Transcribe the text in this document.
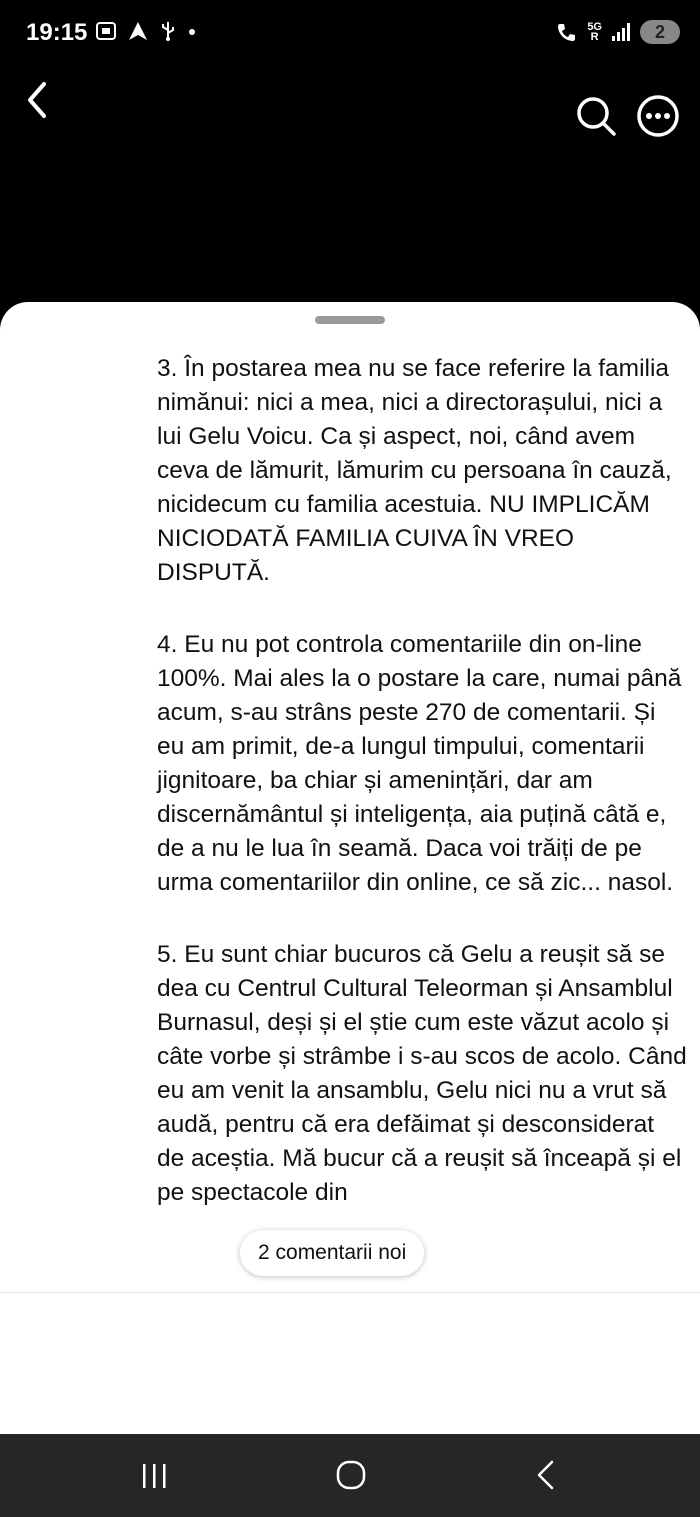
19:15	5G
R	2

3. În postarea mea nu se face referire la familia nimănui: nici a mea, nici a directorașului, nici a lui Gelu Voicu. Ca și aspect, noi, când avem ceva de lămurit, lămurim cu persoana în cauză, nicidecum cu familia acestuia. NU IMPLICĂM NICIODATĂ FAMILIA CUIVA ÎN VREO DISPUTĂ.

4. Eu nu pot controla comentariile din on-line 100%. Mai ales la o postare la care, numai până acum, s-au strâns peste 270 de comentarii. Și eu am primit, de-a lungul timpului, comentarii jignitoare, ba chiar și amenințări, dar am discernământul și inteligența, aia puțină câtă e, de a nu le lua în seamă. Daca voi trăiți de pe urma comentariilor din online, ce să zic... nasol.

5. Eu sunt chiar bucuros că Gelu a reușit să se dea cu Centrul Cultural Teleorman și Ansamblul Burnasul, deși și el știe cum este văzut acolo și câte vorbe și strâmbe i s-au scos de acolo. Când eu am venit la ansamblu, Gelu nici nu a vrut să audă, pentru că era defăimat și desconsiderat de aceștia. Mă bucur că a reușit să înceapă și el pe spectacole din

2 comentarii noi
